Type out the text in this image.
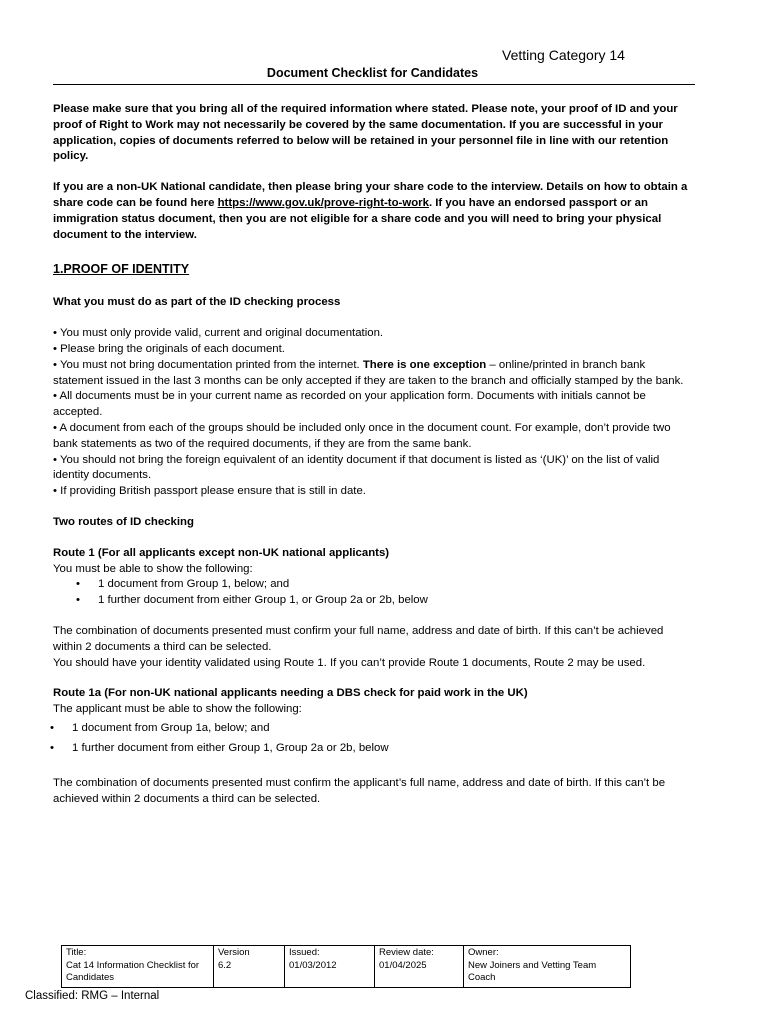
Vetting Category 14
Document Checklist for Candidates

Please make sure that you bring all of the required information where stated. Please note, your proof of ID and your proof of Right to Work may not necessarily be covered by the same documentation. If you are successful in your application, copies of documents referred to below will be retained in your personnel file in line with our retention policy.

If you are a non-UK National candidate, then please bring your share code to the interview. Details on how to obtain a share code can be found here https://www.gov.uk/prove-right-to-work. If you have an endorsed passport or an immigration status document, then you are not eligible for a share code and you will need to bring your physical document to the interview.

1.PROOF OF IDENTITY

What you must do as part of the ID checking process

• You must only provide valid, current and original documentation.

• Please bring the originals of each document.

• You must not bring documentation printed from the internet. There is one exception – online/printed in branch bank statement issued in the last 3 months can be only accepted if they are taken to the branch and officially stamped by the bank.

• All documents must be in your current name as recorded on your application form. Documents with initials cannot be accepted.

• A document from each of the groups should be included only once in the document count. For example, don’t provide two bank statements as two of the required documents, if they are from the same bank.

• You should not bring the foreign equivalent of an identity document if that document is listed as ‘(UK)’ on the list of valid identity documents.

• If providing British passport please ensure that is still in date.

Two routes of ID checking

Route 1 (For all applicants except non-UK national applicants)

You must be able to show the following:

• 1 document from Group 1, below; and
• 1 further document from either Group 1, or Group 2a or 2b, below

The combination of documents presented must confirm your full name, address and date of birth. If this can’t be achieved within 2 documents a third can be selected.

You should have your identity validated using Route 1. If you can’t provide Route 1 documents, Route 2 may be used.

Route 1a (For non-UK national applicants needing a DBS check for paid work in the UK)

The applicant must be able to show the following:

• 1 document from Group 1a, below; and
• 1 further document from either Group 1, Group 2a or 2b, below

The combination of documents presented must confirm the applicant’s full name, address and date of birth. If this can’t be achieved within 2 documents a third can be selected.

Title:
Cat 14 Information Checklist for Candidates

Version
6.2

Issued:
01/03/2012

Review date:
01/04/2025

Owner:
New Joiners and Vetting Team Coach
Classified: RMG – Internal
